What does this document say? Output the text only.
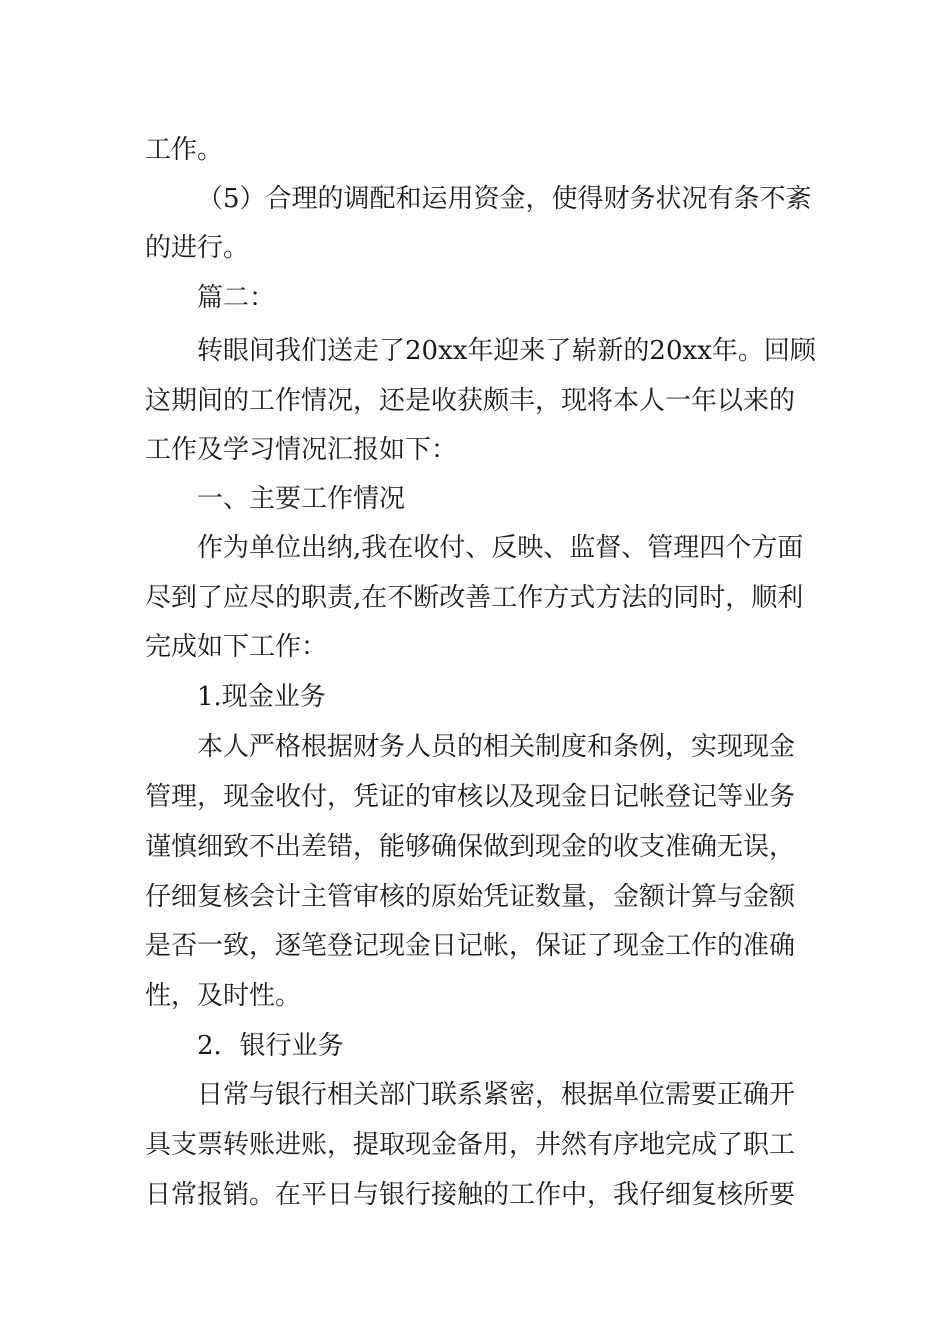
工作。
（5）合理的调配和运用资金，使得财务状况有条不紊
的进行。
篇二：
转眼间我们送走了20xx年迎来了崭新的20xx年。回顾
这期间的工作情况，还是收获颇丰，现将本人一年以来的
工作及学习情况汇报如下：
一、主要工作情况
作为单位出纳,我在收付、反映、监督、管理四个方面
尽到了应尽的职责,在不断改善工作方式方法的同时，顺利
完成如下工作：
1.现金业务
本人严格根据财务人员的相关制度和条例，实现现金
管理，现金收付，凭证的审核以及现金日记帐登记等业务
谨慎细致不出差错，能够确保做到现金的收支准确无误，
仔细复核会计主管审核的原始凭证数量，金额计算与金额
是否一致，逐笔登记现金日记帐，保证了现金工作的准确
性，及时性。
2．银行业务
日常与银行相关部门联系紧密，根据单位需要正确开
具支票转账进账，提取现金备用，井然有序地完成了职工
日常报销。在平日与银行接触的工作中，我仔细复核所要
